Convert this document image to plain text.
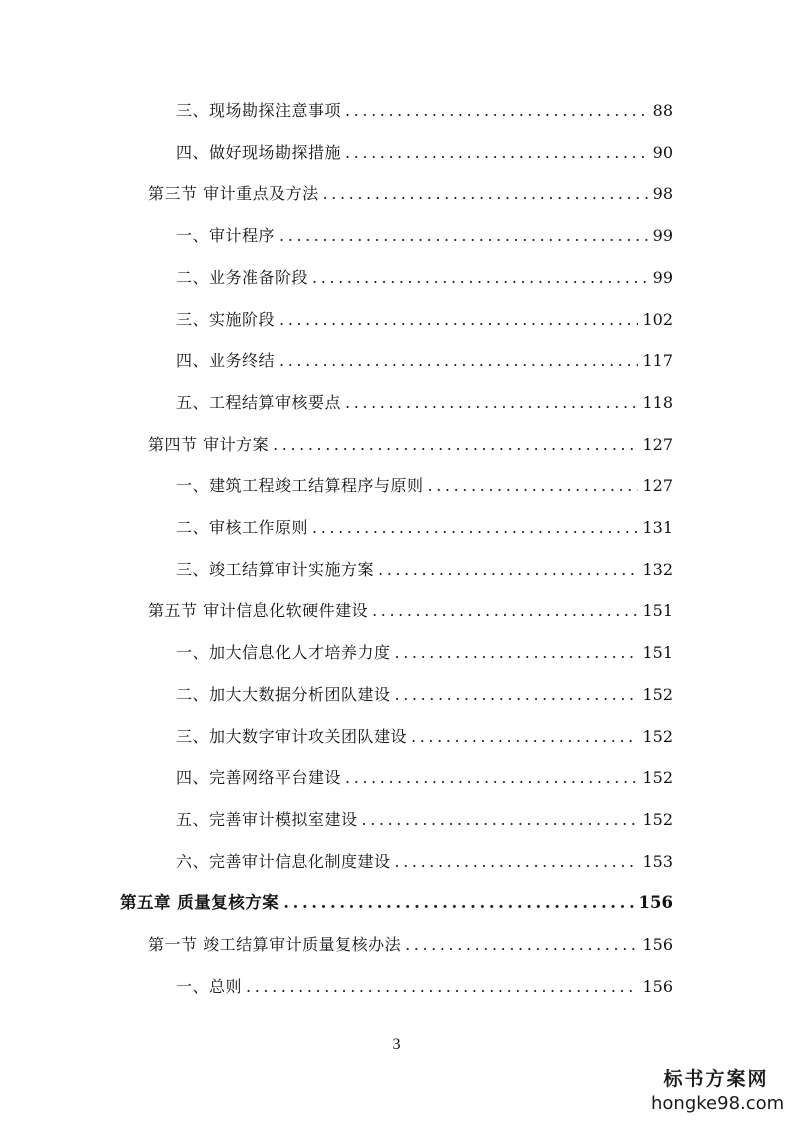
三、现场勘探注意事项 .....	88
四、做好现场勘探措施 .....	90
第三节 审计重点及方法 .....	98
一、审计程序 .....	99
二、业务准备阶段 .....	99
三、实施阶段 .....	102
四、业务终结 .....	117
五、工程结算审核要点 .....	118
第四节 审计方案 .....	127
一、建筑工程竣工结算程序与原则 .....	127
二、审核工作原则 .....	131
三、竣工结算审计实施方案 .....	132
第五节 审计信息化软硬件建设 .....	151
一、加大信息化人才培养力度 .....	151
二、加大大数据分析团队建设 .....	152
三、加大数字审计攻关团队建设 .....	152
四、完善网络平台建设 .....	152
五、完善审计模拟室建设 .....	152
六、完善审计信息化制度建设 .....	153
第五章 质量复核方案 .....	156
第一节 竣工结算审计质量复核办法 .....	156
一、总则 .....	156
3
标书方案网
hongke98.com
